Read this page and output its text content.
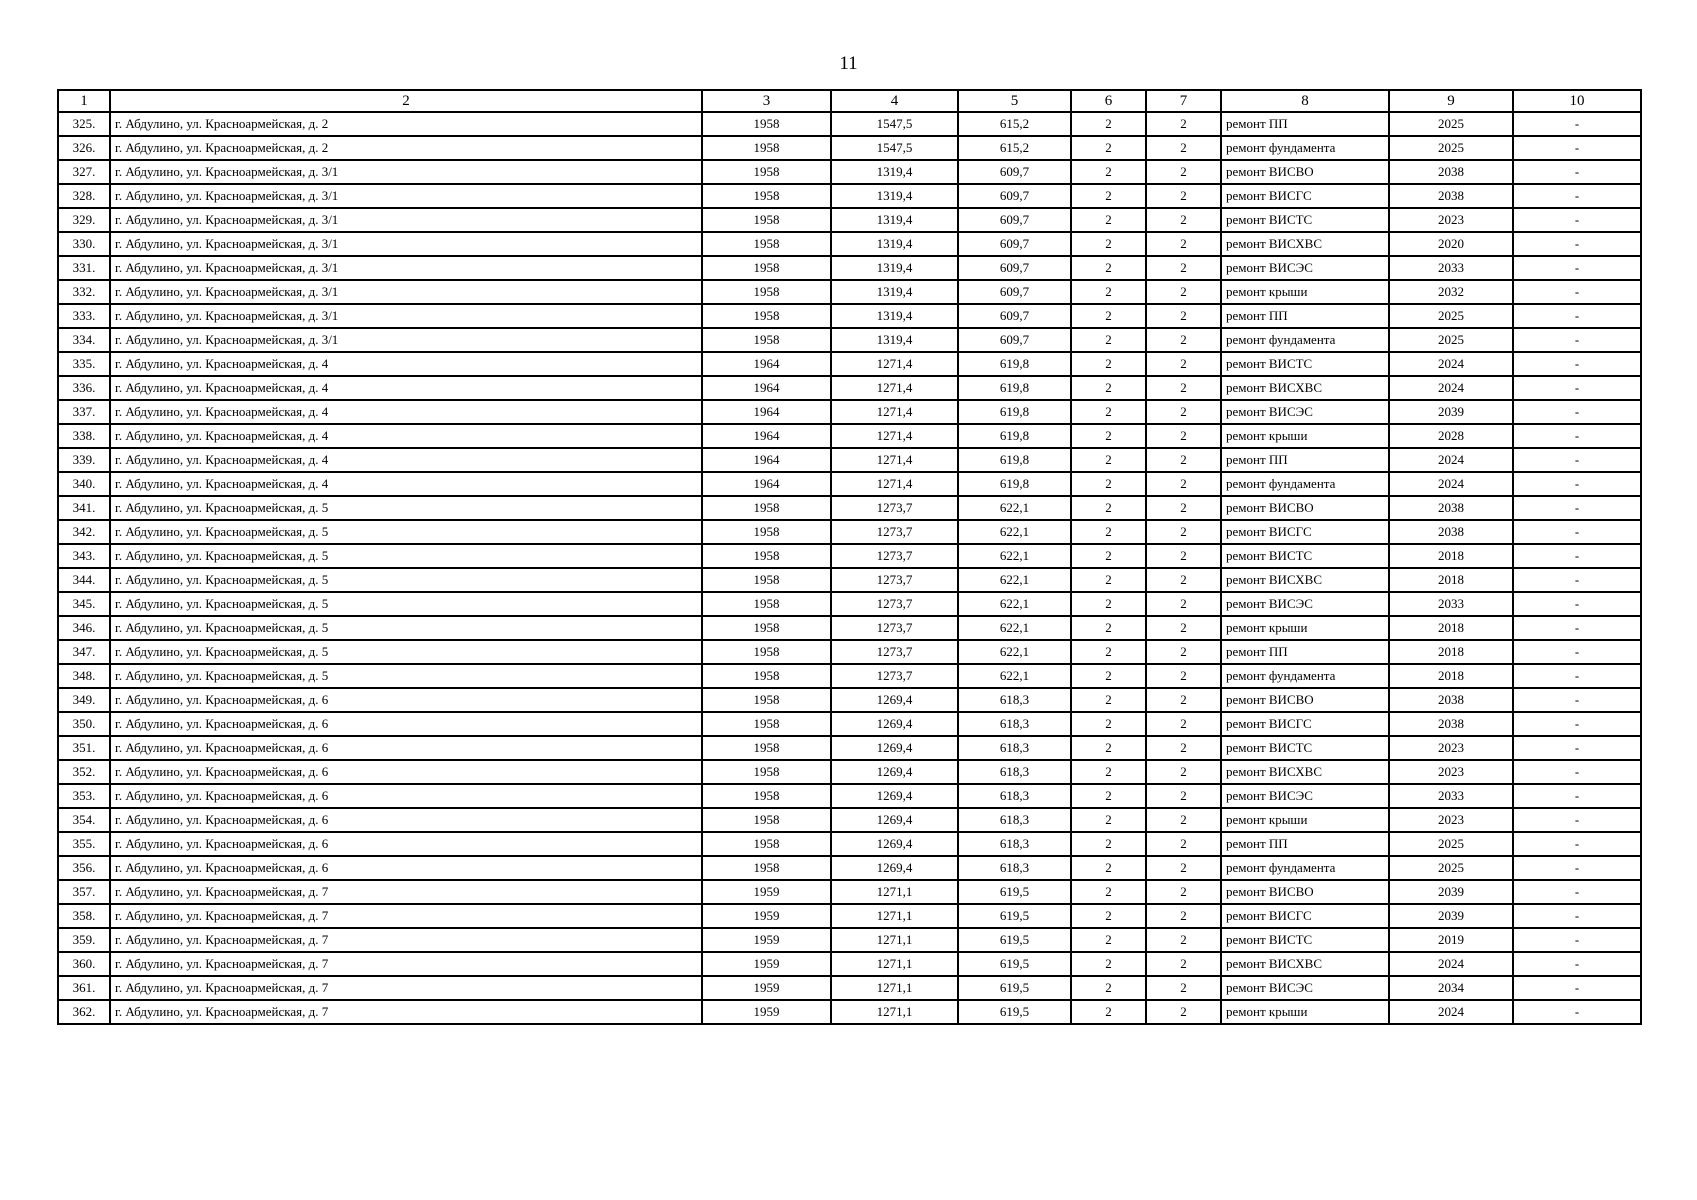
11
1	2	3	4	5	6	7	8	9	10
325.	г. Абдулино, ул. Красноармейская, д. 2	1958	1547,5	615,2	2	2	ремонт ПП	2025	-
326.	г. Абдулино, ул. Красноармейская, д. 2	1958	1547,5	615,2	2	2	ремонт фундамента	2025	-
327.	г. Абдулино, ул. Красноармейская, д. 3/1	1958	1319,4	609,7	2	2	ремонт ВИСВО	2038	-
328.	г. Абдулино, ул. Красноармейская, д. 3/1	1958	1319,4	609,7	2	2	ремонт ВИСГС	2038	-
329.	г. Абдулино, ул. Красноармейская, д. 3/1	1958	1319,4	609,7	2	2	ремонт ВИСТС	2023	-
330.	г. Абдулино, ул. Красноармейская, д. 3/1	1958	1319,4	609,7	2	2	ремонт ВИСХВС	2020	-
331.	г. Абдулино, ул. Красноармейская, д. 3/1	1958	1319,4	609,7	2	2	ремонт ВИСЭС	2033	-
332.	г. Абдулино, ул. Красноармейская, д. 3/1	1958	1319,4	609,7	2	2	ремонт крыши	2032	-
333.	г. Абдулино, ул. Красноармейская, д. 3/1	1958	1319,4	609,7	2	2	ремонт ПП	2025	-
334.	г. Абдулино, ул. Красноармейская, д. 3/1	1958	1319,4	609,7	2	2	ремонт фундамента	2025	-
335.	г. Абдулино, ул. Красноармейская, д. 4	1964	1271,4	619,8	2	2	ремонт ВИСТС	2024	-
336.	г. Абдулино, ул. Красноармейская, д. 4	1964	1271,4	619,8	2	2	ремонт ВИСХВС	2024	-
337.	г. Абдулино, ул. Красноармейская, д. 4	1964	1271,4	619,8	2	2	ремонт ВИСЭС	2039	-
338.	г. Абдулино, ул. Красноармейская, д. 4	1964	1271,4	619,8	2	2	ремонт крыши	2028	-
339.	г. Абдулино, ул. Красноармейская, д. 4	1964	1271,4	619,8	2	2	ремонт ПП	2024	-
340.	г. Абдулино, ул. Красноармейская, д. 4	1964	1271,4	619,8	2	2	ремонт фундамента	2024	-
341.	г. Абдулино, ул. Красноармейская, д. 5	1958	1273,7	622,1	2	2	ремонт ВИСВО	2038	-
342.	г. Абдулино, ул. Красноармейская, д. 5	1958	1273,7	622,1	2	2	ремонт ВИСГС	2038	-
343.	г. Абдулино, ул. Красноармейская, д. 5	1958	1273,7	622,1	2	2	ремонт ВИСТС	2018	-
344.	г. Абдулино, ул. Красноармейская, д. 5	1958	1273,7	622,1	2	2	ремонт ВИСХВС	2018	-
345.	г. Абдулино, ул. Красноармейская, д. 5	1958	1273,7	622,1	2	2	ремонт ВИСЭС	2033	-
346.	г. Абдулино, ул. Красноармейская, д. 5	1958	1273,7	622,1	2	2	ремонт крыши	2018	-
347.	г. Абдулино, ул. Красноармейская, д. 5	1958	1273,7	622,1	2	2	ремонт ПП	2018	-
348.	г. Абдулино, ул. Красноармейская, д. 5	1958	1273,7	622,1	2	2	ремонт фундамента	2018	-
349.	г. Абдулино, ул. Красноармейская, д. 6	1958	1269,4	618,3	2	2	ремонт ВИСВО	2038	-
350.	г. Абдулино, ул. Красноармейская, д. 6	1958	1269,4	618,3	2	2	ремонт ВИСГС	2038	-
351.	г. Абдулино, ул. Красноармейская, д. 6	1958	1269,4	618,3	2	2	ремонт ВИСТС	2023	-
352.	г. Абдулино, ул. Красноармейская, д. 6	1958	1269,4	618,3	2	2	ремонт ВИСХВС	2023	-
353.	г. Абдулино, ул. Красноармейская, д. 6	1958	1269,4	618,3	2	2	ремонт ВИСЭС	2033	-
354.	г. Абдулино, ул. Красноармейская, д. 6	1958	1269,4	618,3	2	2	ремонт крыши	2023	-
355.	г. Абдулино, ул. Красноармейская, д. 6	1958	1269,4	618,3	2	2	ремонт ПП	2025	-
356.	г. Абдулино, ул. Красноармейская, д. 6	1958	1269,4	618,3	2	2	ремонт фундамента	2025	-
357.	г. Абдулино, ул. Красноармейская, д. 7	1959	1271,1	619,5	2	2	ремонт ВИСВО	2039	-
358.	г. Абдулино, ул. Красноармейская, д. 7	1959	1271,1	619,5	2	2	ремонт ВИСГС	2039	-
359.	г. Абдулино, ул. Красноармейская, д. 7	1959	1271,1	619,5	2	2	ремонт ВИСТС	2019	-
360.	г. Абдулино, ул. Красноармейская, д. 7	1959	1271,1	619,5	2	2	ремонт ВИСХВС	2024	-
361.	г. Абдулино, ул. Красноармейская, д. 7	1959	1271,1	619,5	2	2	ремонт ВИСЭС	2034	-
362.	г. Абдулино, ул. Красноармейская, д. 7	1959	1271,1	619,5	2	2	ремонт крыши	2024	-
